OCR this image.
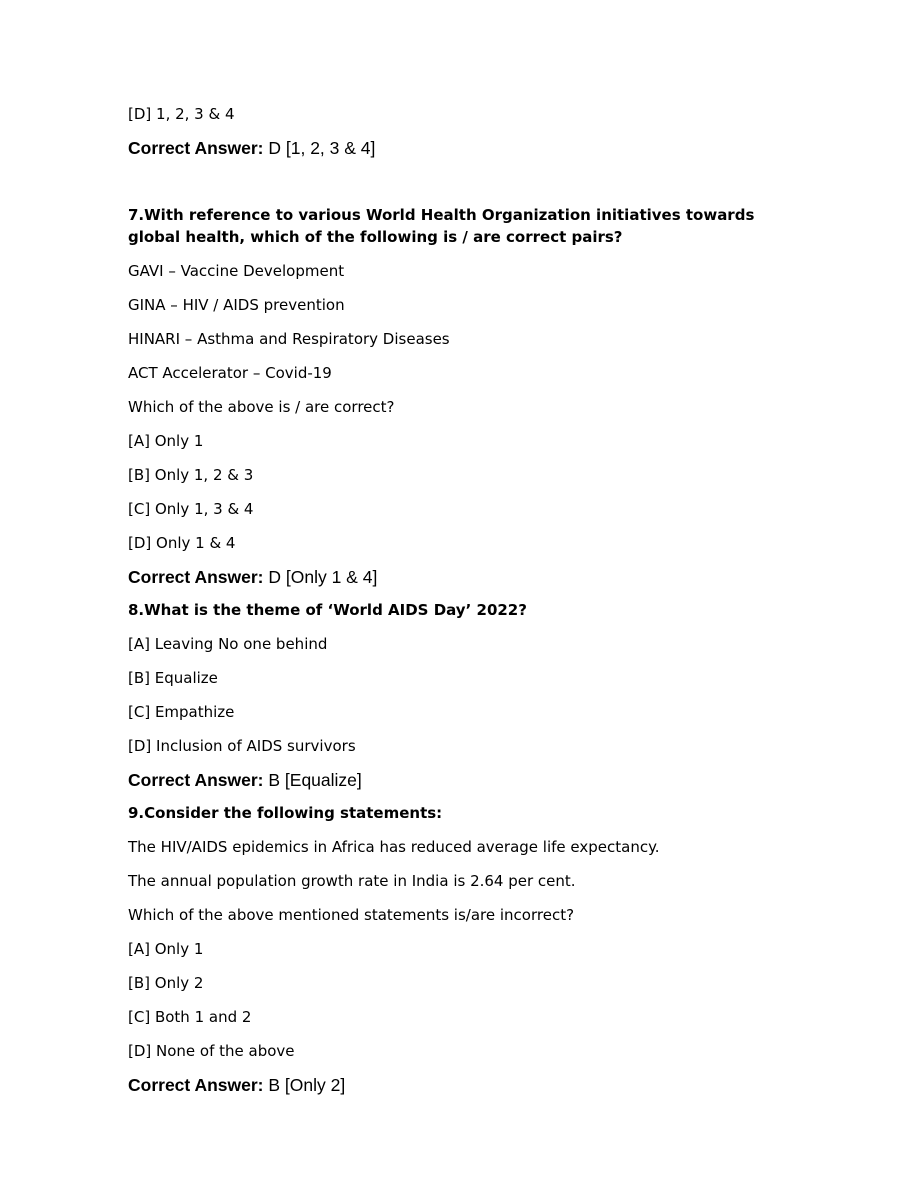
[D] 1, 2, 3 & 4
Correct Answer: D [1, 2, 3 & 4]
7.With reference to various World Health Organization initiatives towards global health, which of the following is / are correct pairs?
GAVI – Vaccine Development
GINA – HIV / AIDS prevention
HINARI – Asthma and Respiratory Diseases
ACT Accelerator – Covid-19
Which of the above is / are correct?
[A] Only 1
[B] Only 1, 2 & 3
[C] Only 1, 3 & 4
[D] Only 1 & 4
Correct Answer: D [Only 1 & 4]
8.What is the theme of ‘World AIDS Day’ 2022?
[A] Leaving No one behind
[B] Equalize
[C] Empathize
[D] Inclusion of AIDS survivors
Correct Answer: B [Equalize]
9.Consider the following statements:
The HIV/AIDS epidemics in Africa has reduced average life expectancy.
The annual population growth rate in India is 2.64 per cent.
Which of the above mentioned statements is/are incorrect?
[A] Only 1
[B] Only 2
[C] Both 1 and 2
[D] None of the above
Correct Answer: B [Only 2]
